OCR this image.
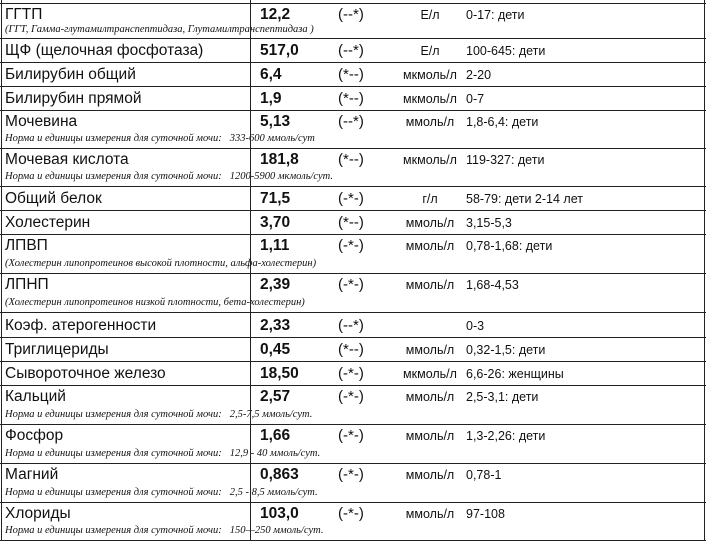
ГГТП	12,2	(--*)	Е/л	0-17: дети
(ГГТ, Гамма-глутамилтранспептидаза, Глутамилтранспептидаза )
ЩФ (щелочная фосфотаза)	517,0	(--*)	Е/л	100-645: дети
Билирубин общий	6,4	(*--)	мкмоль/л 2-20
Билирубин прямой	1,9	(*--)	мкмоль/л 0-7
Мочевина	5,13	(--*)	ммоль/л 1,8-6,4: дети
Норма и единицы измерения для суточной мочи: 333-600 ммоль/сут
Мочевая кислота	181,8	(*--)	мкмоль/л 119-327: дети
Норма и единицы измерения для суточной мочи: 1200-5900 мкмоль/сут.
Общий белок	71,5	(-*-)	г/л	58-79: дети 2-14 лет
Холестерин	3,70	(*--)	ммоль/л 3,15-5,3
ЛПВП	1,11	(-*-)	ммоль/л 0,78-1,68: дети
(Холестерин липопротеинов высокой плотности, альфа-холестерин)
ЛПНП	2,39	(-*-)	ммоль/л 1,68-4,53
(Холестерин липопротеинов низкой плотности, бета-холестерин)
Коэф. атерогенности	2,33	(--*)	0-3
Триглицериды	0,45	(*--)	ммоль/л 0,32-1,5: дети
Сывороточное железо	18,50	(-*-)	мкмоль/л 6,6-26: женщины
Кальций	2,57	(-*-)	ммоль/л 2,5-3,1: дети
Норма и единицы измерения для суточной мочи: 2,5-7,5 ммоль/сут.
Фосфор	1,66	(-*-)	ммоль/л 1,3-2,26: дети
Норма и единицы измерения для суточной мочи: 12,9 - 40 ммоль/сут.
Магний	0,863	(-*-)	ммоль/л 0,78-1
Норма и единицы измерения для суточной мочи: 2,5 - 8,5 ммоль/сут.
Хлориды	103,0	(-*-)	ммоль/л 97-108
Норма и единицы измерения для суточной мочи: 150—250 ммоль/сут.
